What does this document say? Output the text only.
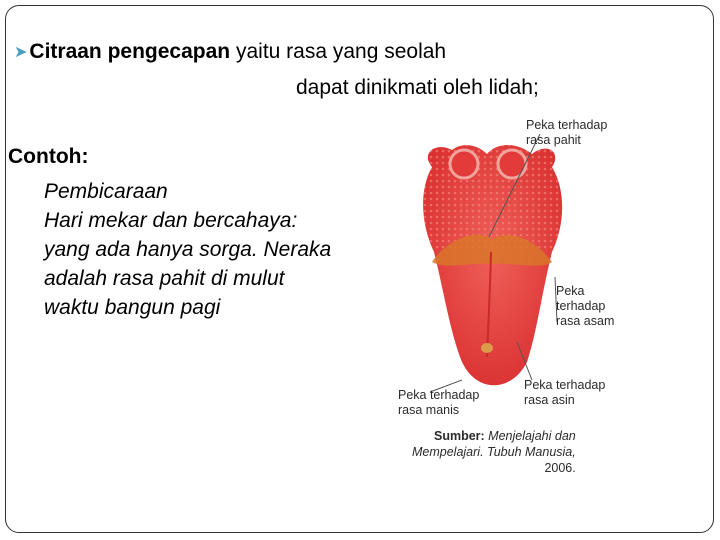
➤Citraan pengecapan yaitu rasa yang seolah
dapat dinikmati oleh lidah;
Contoh:
Pembicaraan
Hari mekar dan bercahaya:
yang ada hanya sorga. Neraka
adalah rasa pahit di mulut
waktu bangun pagi
Peka terhadap
rasa pahit
Peka
terhadap
rasa asam
Peka terhadap
rasa manis
Peka terhadap
rasa asin
Sumber: Menjelajahi dan
Mempelajari. Tubuh Manusia,
2006.
